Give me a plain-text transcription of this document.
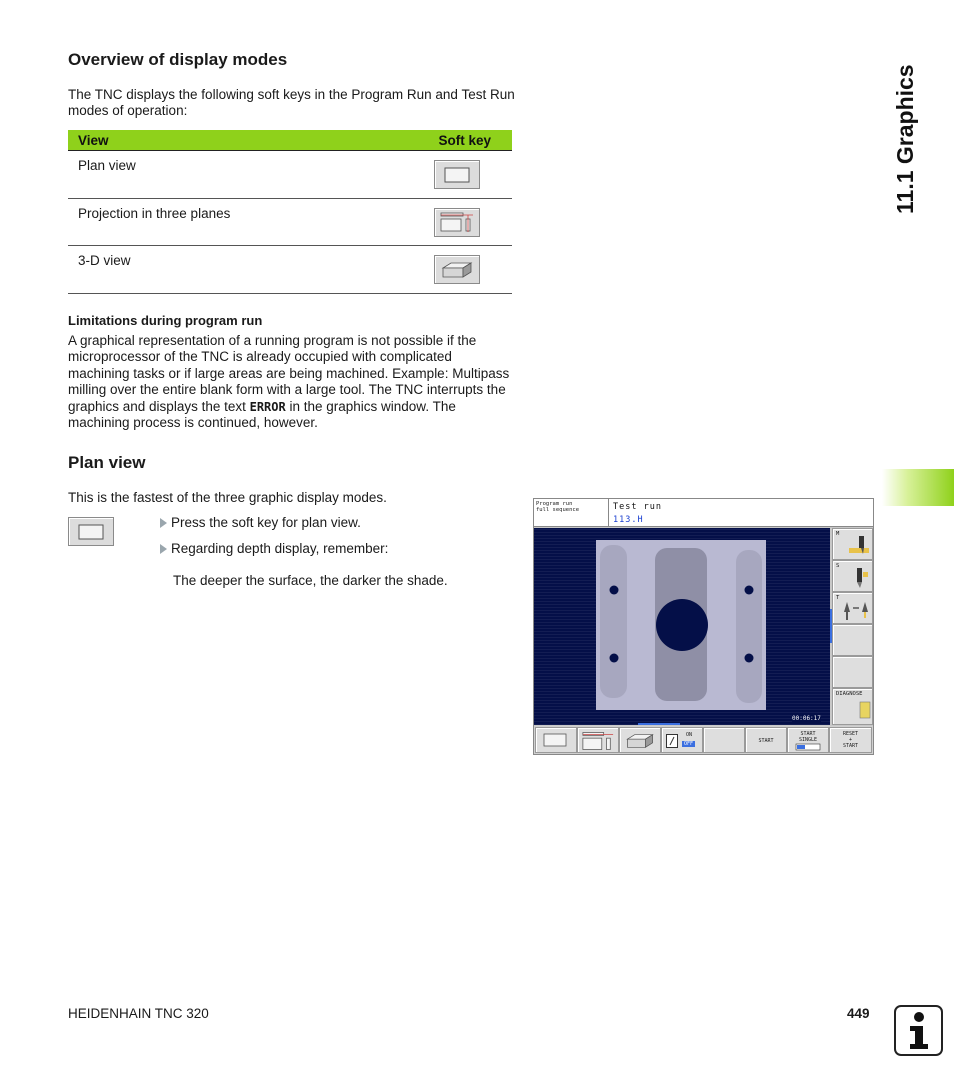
Overview of display modes
The TNC displays the following soft keys in the Program Run and Test Run modes of operation:
View	Soft key
Plan view
Projection in three planes
3-D view
Limitations during program run
A graphical representation of a running program is not possible if the microprocessor of the TNC is already occupied with complicated machining tasks or if large areas are being machined. Example: Multipass milling over the entire blank form with a large tool. The TNC interrupts the graphics and displays the text ERROR in the graphics window. The machining process is continued, however.
Plan view
This is the fastest of the three graphic display modes.
Press the soft key for plan view.
Regarding depth display, remember:
The deeper the surface, the darker the shade.
11.1 Graphics
Program run
full sequence	Test run
113.H
00:06:17
M
S
T
DIAGNOSE
ON
OFF	START
START
SINGLE
RESET
+
START
HEIDENHAIN TNC 320	449
